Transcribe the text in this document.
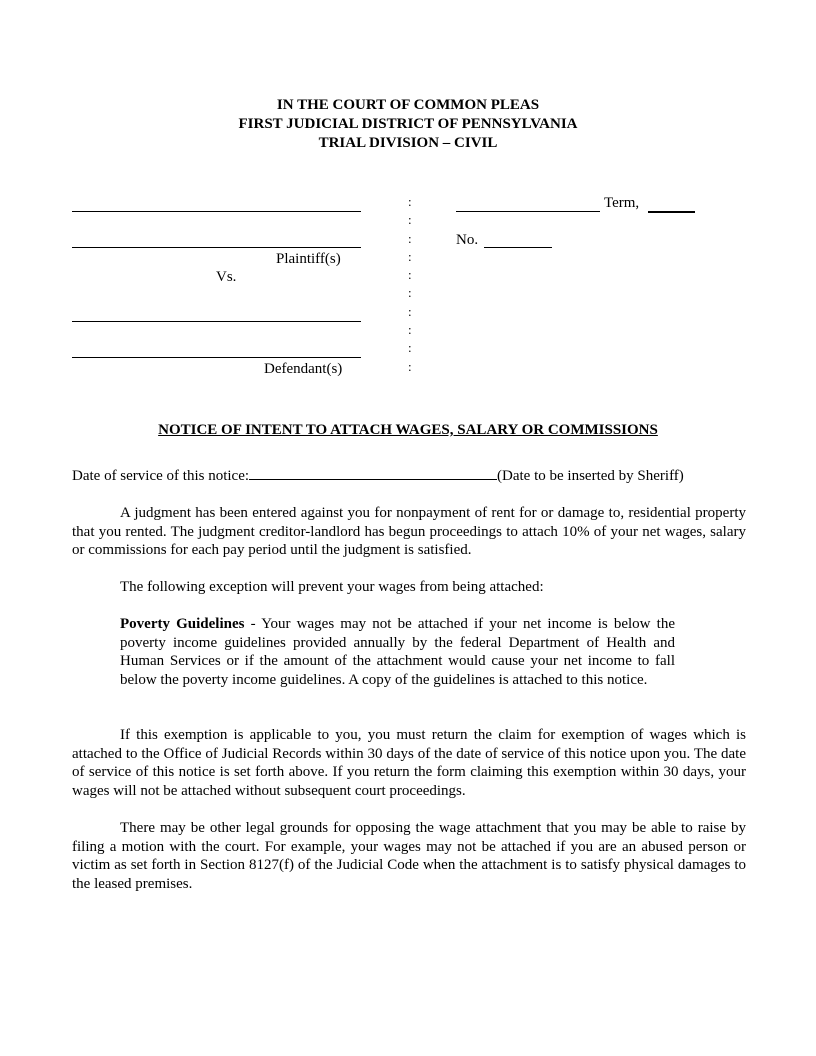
IN THE COURT OF COMMON PLEAS
FIRST JUDICIAL DISTRICT OF PENNSYLVANIA
TRIAL DIVISION – CIVIL
Plaintiff(s)
Vs.
Defendant(s)
:
:
:
:
:
:
:
:
:
:
Term,
No.
NOTICE OF INTENT TO ATTACH WAGES, SALARY OR COMMISSIONS
Date of service of this notice:	(Date to be inserted by Sheriff)
A judgment has been entered against you for nonpayment of rent for or damage to, residential property that you rented. The judgment creditor-landlord has begun proceedings to attach 10% of your net wages, salary or commissions for each pay period until the judgment is satisfied.
The following exception will prevent your wages from being attached:
Poverty Guidelines - Your wages may not be attached if your net income is below the poverty income guidelines provided annually by the federal Department of Health and Human Services or if the amount of the attachment would cause your net income to fall below the poverty income guidelines. A copy of the guidelines is attached to this notice.
If this exemption is applicable to you, you must return the claim for exemption of wages which is attached to the Office of Judicial Records within 30 days of the date of service of this notice upon you. The date of service of this notice is set forth above. If you return the form claiming this exemption within 30 days, your wages will not be attached without subsequent court proceedings.
There may be other legal grounds for opposing the wage attachment that you may be able to raise by filing a motion with the court. For example, your wages may not be attached if you are an abused person or victim as set forth in Section 8127(f) of the Judicial Code when the attachment is to satisfy physical damages to the leased premises.
